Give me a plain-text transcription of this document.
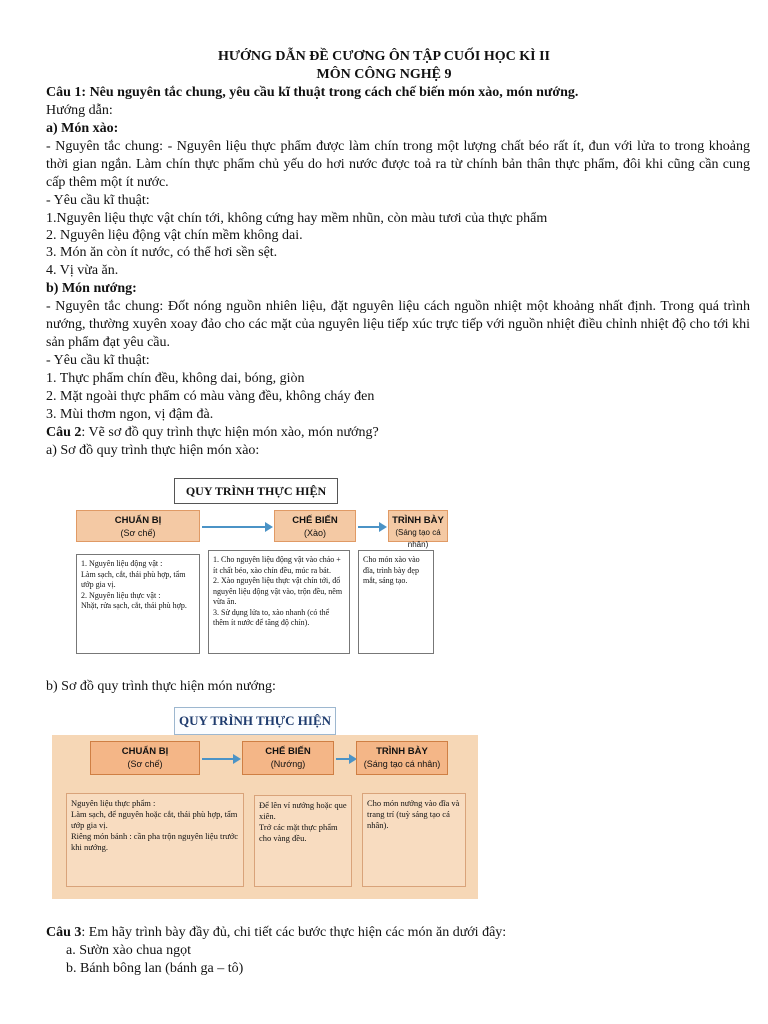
HƯỚNG DẪN ĐỀ CƯƠNG ÔN TẬP CUỐI HỌC KÌ II
MÔN CÔNG NGHỆ 9
Câu 1: Nêu nguyên tắc chung, yêu cầu kĩ thuật trong cách chế biến món xào, món nướng.
Hướng dẫn:
a) Món xào:
- Nguyên tắc chung: - Nguyên liệu thực phẩm được làm chín trong một lượng chất béo rất ít, đun với lửa to trong khoảng thời gian ngắn. Làm chín thực phẩm chủ yếu do hơi nước được toả ra từ chính bản thân thực phẩm, đôi khi cũng cần cung cấp thêm một ít nước.
- Yêu cầu kĩ thuật:
1.Nguyên liệu thực vật chín tới, không cứng hay mềm nhũn, còn màu tươi của thực phẩm
2. Nguyên liệu động vật chín mềm không dai.
3. Món ăn còn ít nước, có thể hơi sền sệt.
4. Vị vừa ăn.
b) Món nướng:
- Nguyên tắc chung: Đốt nóng nguồn nhiên liệu, đặt nguyên liệu cách nguồn nhiệt một khoảng nhất định. Trong quá trình nướng, thường xuyên xoay đảo cho các mặt của nguyên liệu tiếp xúc trực tiếp với nguồn nhiệt điều chỉnh nhiệt độ cho tới khi sản phẩm đạt yêu cầu.
- Yêu cầu kĩ thuật:
1. Thực phẩm chín đều, không dai, bóng, giòn
2. Mặt ngoài thực phẩm có màu vàng đều, không cháy đen
3. Mùi thơm ngon, vị đậm đà.
Câu 2: Vẽ sơ đồ quy trình thực hiện món xào, món nướng?
a) Sơ đồ quy trình thực hiện món xào:
QUY TRÌNH THỰC HIỆN
CHUẨN BỊ
(Sơ chế)
CHẾ BIẾN
(Xào)
TRÌNH BÀY
(Sáng tạo cá nhân)
1. Nguyên liệu động vật :
Làm sạch, cắt, thái phù hợp, tẩm ướp gia vị.
2. Nguyên liệu thực vật :
Nhặt, rửa sạch, cắt, thái phù hợp.
1. Cho nguyên liệu động vật vào chảo + ít chất béo, xào chín đều, múc ra bát.
2. Xào nguyên liệu thực vật chín tới, đổ nguyên liệu động vật vào, trộn đều, nêm vừa ăn.
3. Sử dụng lửa to, xào nhanh (có thể thêm ít nước để tăng độ chín).
Cho món xào vào đĩa, trình bày đẹp mắt, sáng tạo.
b) Sơ đồ quy trình thực hiện món nướng:
QUY TRÌNH THỰC HIỆN
CHUẨN BỊ
(Sơ chế)
CHẾ BIẾN
(Nướng)
TRÌNH BÀY
(Sáng tạo cá nhân)
Nguyên liệu thực phẩm :
Làm sạch, để nguyên hoặc cắt, thái phù hợp, tẩm ướp gia vị.
Riêng món bánh : cần pha trộn nguyên liệu trước khi nướng.
Để lên vỉ nướng hoặc que xiên.
Trở các mặt thực phẩm cho vàng đều.
Cho món nướng vào đĩa và trang trí (tuỳ sáng tạo cá nhân).
Câu 3: Em hãy trình bày đầy đủ, chi tiết các bước thực hiện các món ăn dưới đây:
a. Sườn xào chua ngọt
b. Bánh bông lan (bánh ga – tô)
